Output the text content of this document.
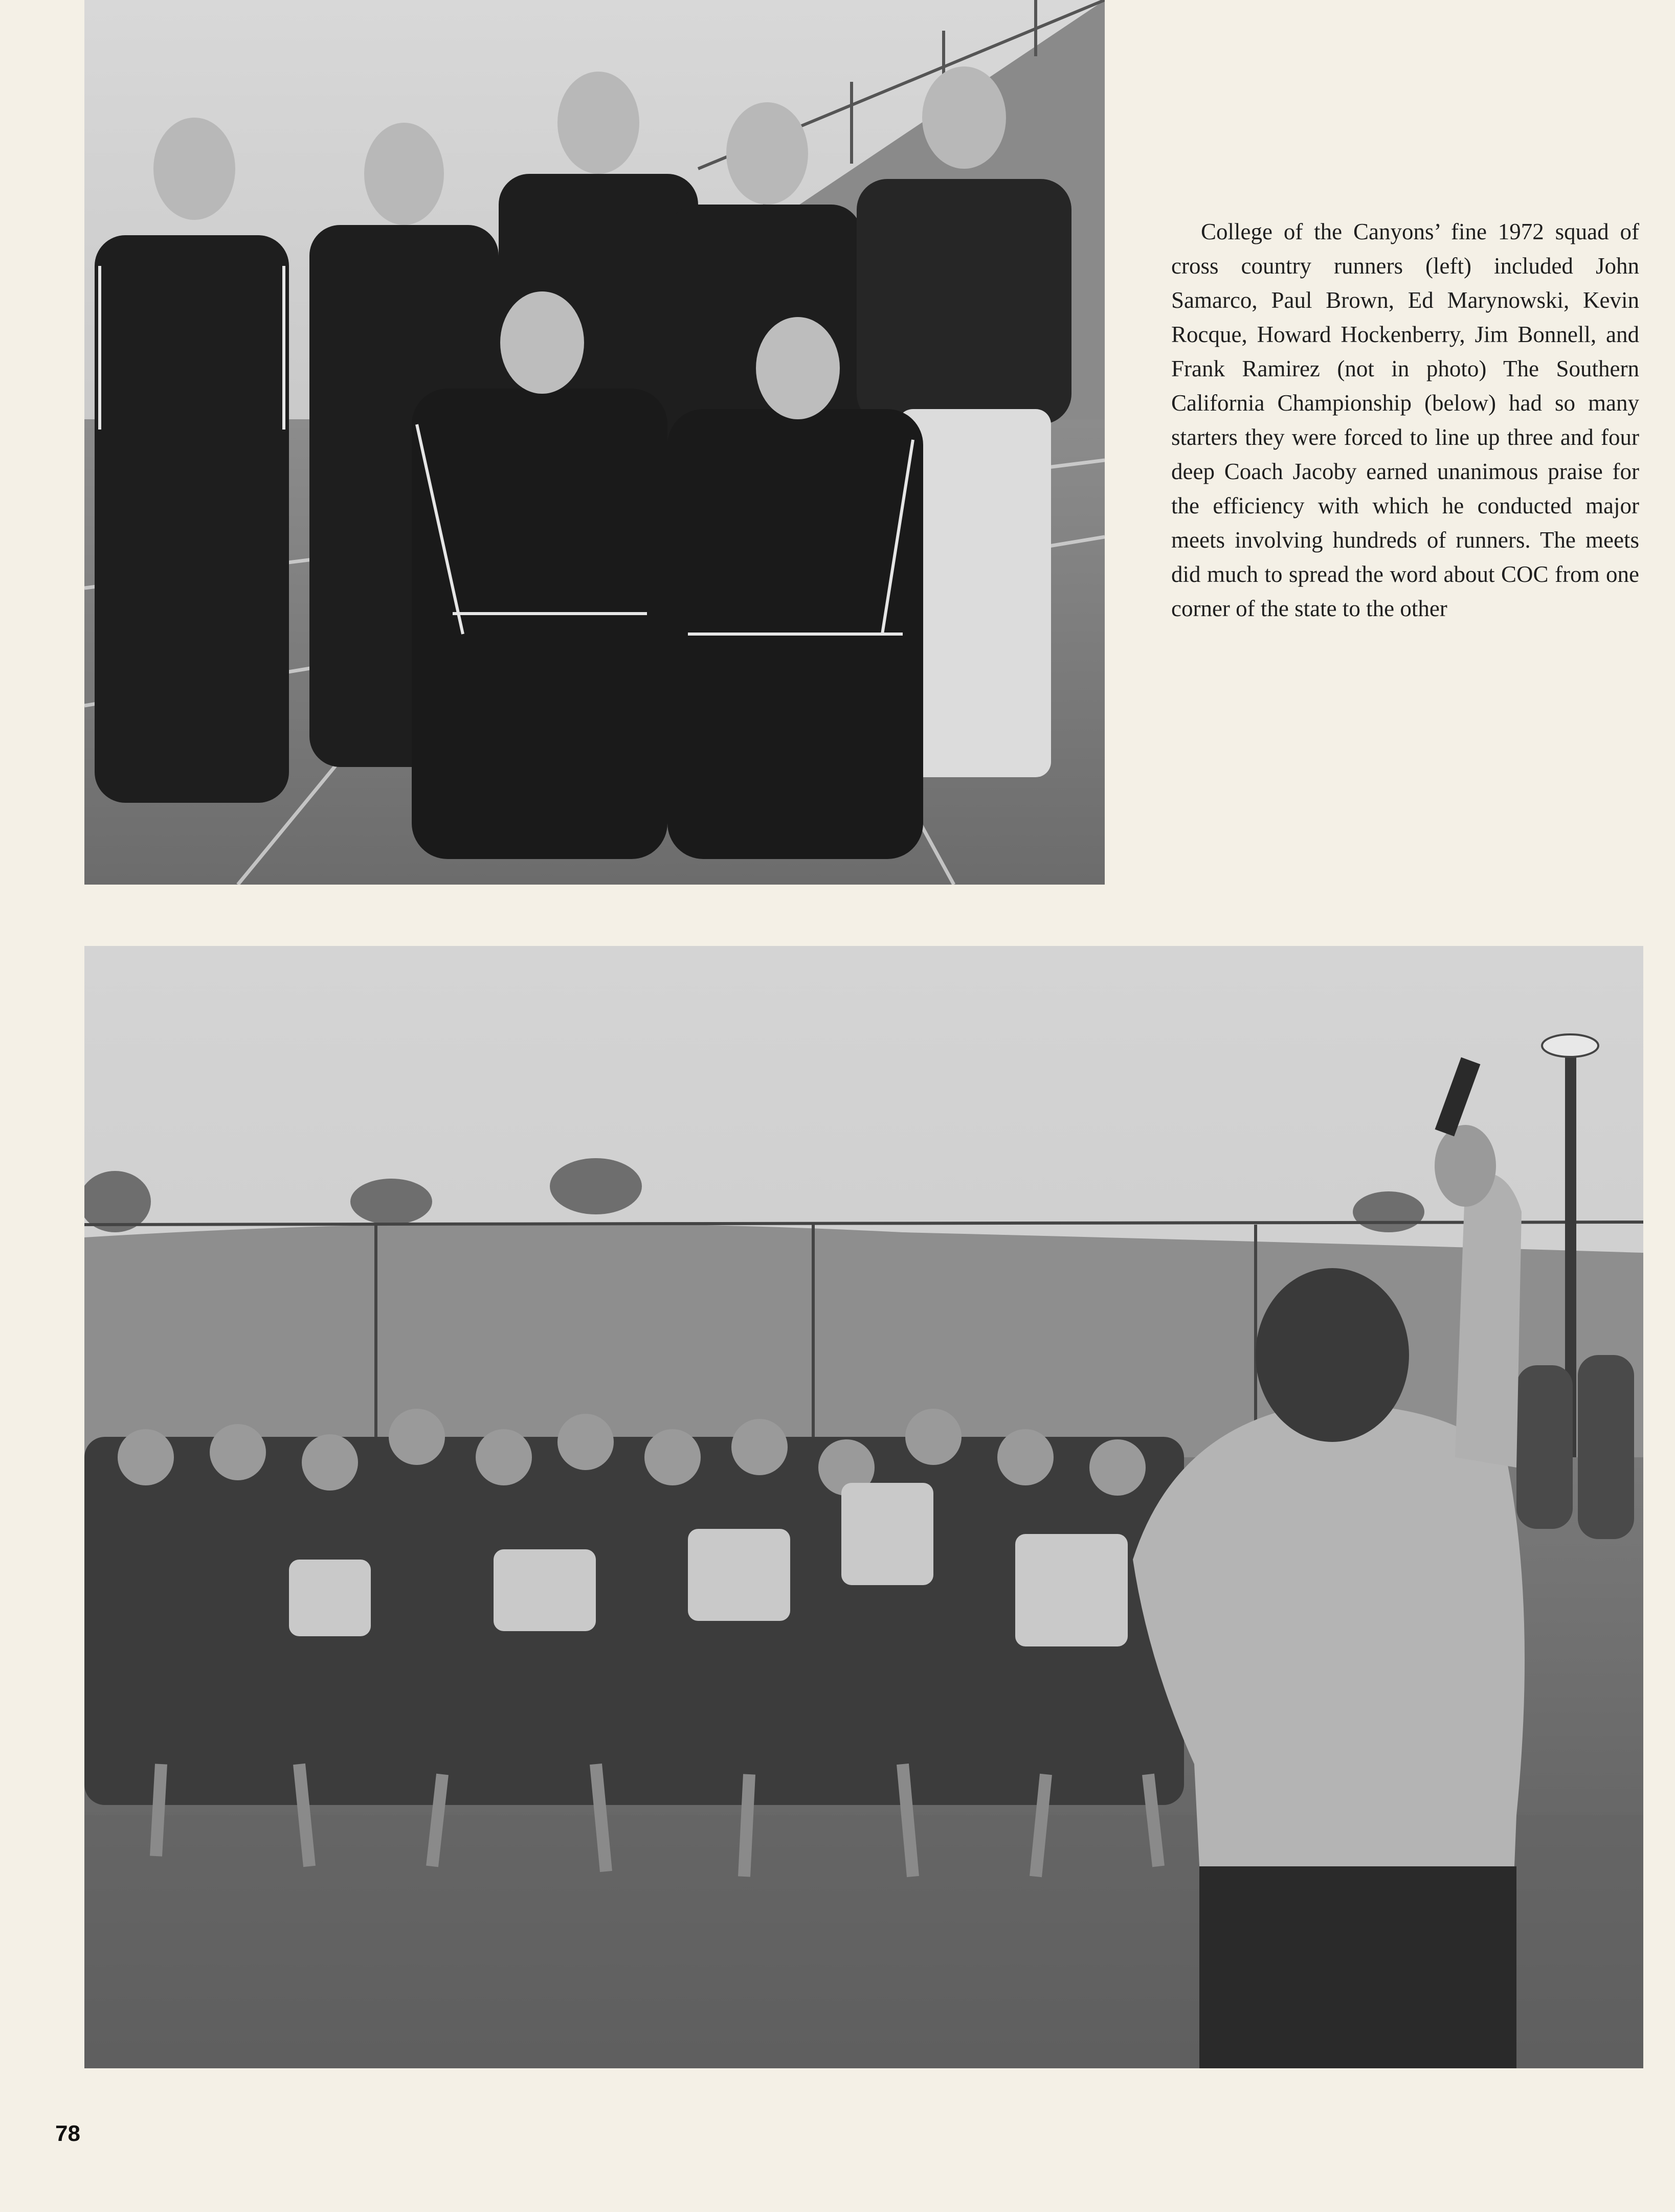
College of the Canyons’ fine 1972 squad of cross country runners (left) included John Samarco, Paul Brown, Ed Marynowski, Kevin Rocque, Howard Hockenberry, Jim Bonnell, and Frank Ramirez (not in photo) The Southern California Championship (below) had so many starters they were forced to line up three and four deep Coach Jacoby earned unanimous praise for the efficiency with which he conducted major meets involving hundreds of runners. The meets did much to spread the word about COC from one corner of the state to the other
78
